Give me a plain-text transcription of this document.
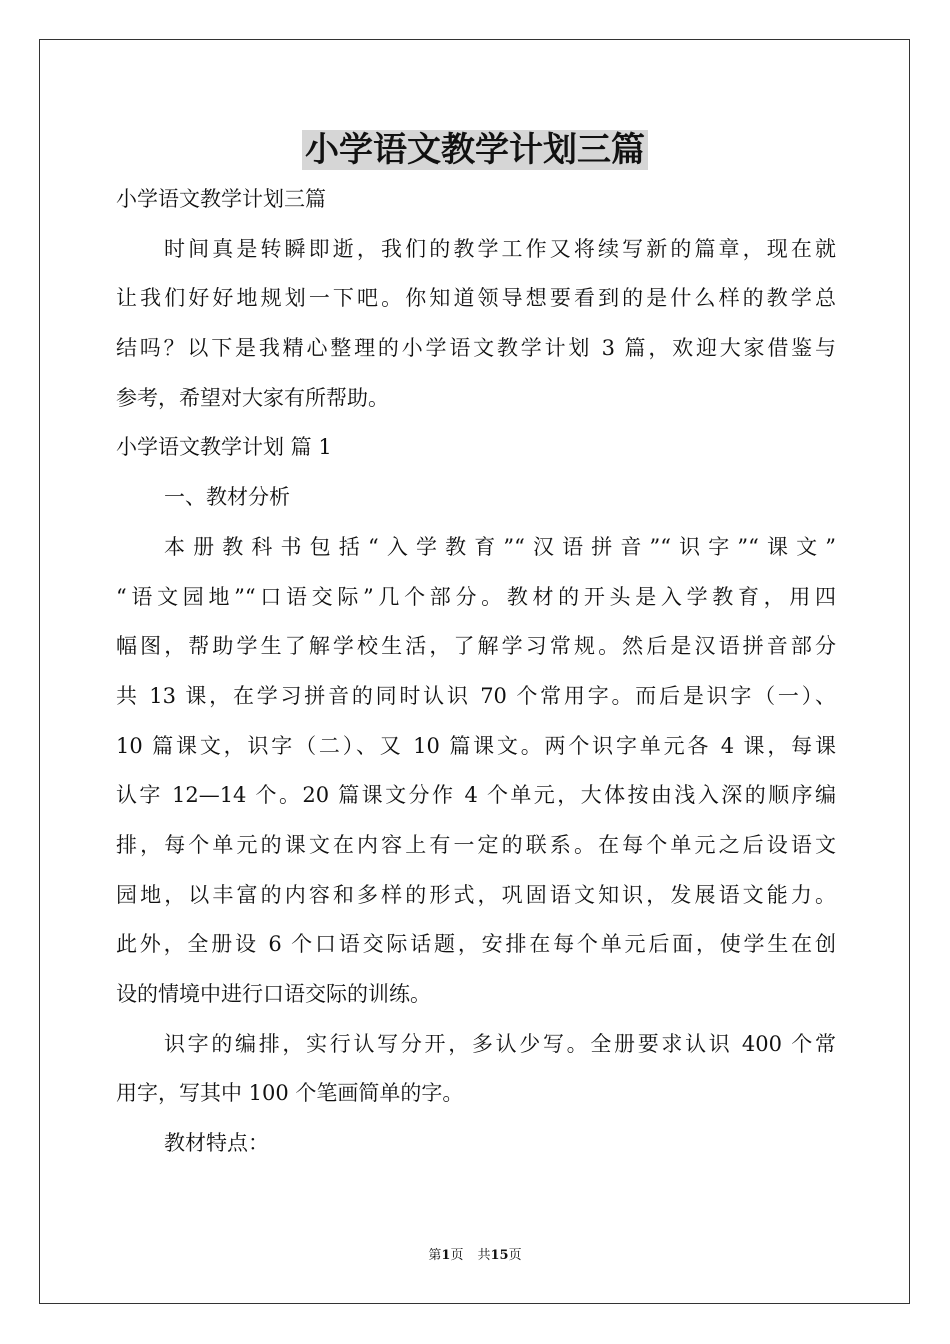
小学语文教学计划三篇
小学语文教学计划三篇
时间真是转瞬即逝，我们的教学工作又将续写新的篇章，现在就
让我们好好地规划一下吧。你知道领导想要看到的是什么样的教学总
结吗？以下是我精心整理的小学语文教学计划 3 篇，欢迎大家借鉴与
参考，希望对大家有所帮助。
小学语文教学计划 篇 1
一、教材分析
本册教科书包括“入学教育”“汉语拼音”“识字”“课文”
“语文园地”“口语交际”几个部分。教材的开头是入学教育，用四
幅图，帮助学生了解学校生活，了解学习常规。然后是汉语拼音部分
共 13 课，在学习拼音的同时认识 70 个常用字。而后是识字（一）、
10 篇课文，识字（二）、又 10 篇课文。两个识字单元各 4 课，每课
认字 12—14 个。20 篇课文分作 4 个单元，大体按由浅入深的顺序编
排，每个单元的课文在内容上有一定的联系。在每个单元之后设语文
园地，以丰富的内容和多样的形式，巩固语文知识，发展语文能力。
此外，全册设 6 个口语交际话题，安排在每个单元后面，使学生在创
设的情境中进行口语交际的训练。
识字的编排，实行认写分开，多认少写。全册要求认识 400 个常
用字，写其中 100 个笔画简单的字。
教材特点：
第1页 共15页
